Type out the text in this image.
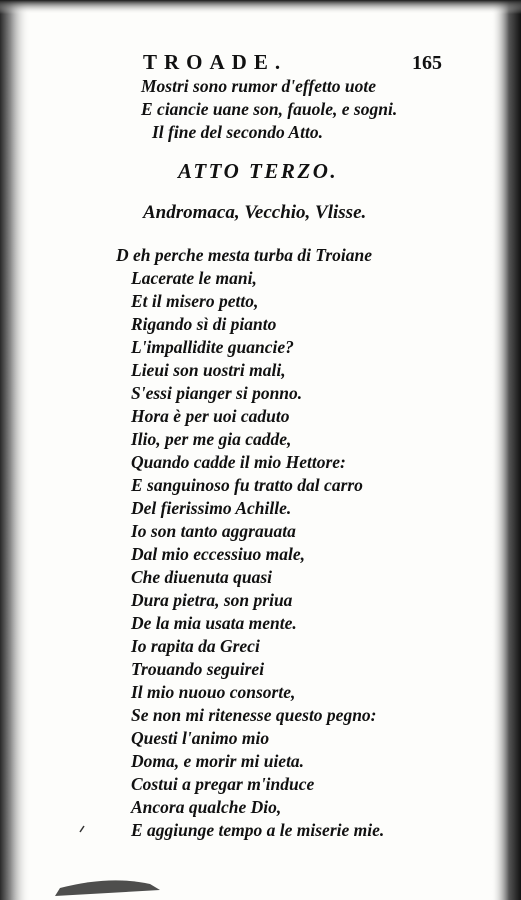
TROADE.	165
Mostri sono rumor d'effetto uote
E ciancie uane son, fauole, e sogni.
Il fine del secondo Atto.
ATTO TERZO.
Andromaca, Vecchio, Vlisse.
D eh perche mesta turba di Troiane
Lacerate le mani,
Et il misero petto,
Rigando sì di pianto
L'impallidite guancie?
Lieui son uostri mali,
S'essi pianger si ponno.
Hora è per uoi caduto
Ilio, per me gia cadde,
Quando cadde il mio Hettore:
E sanguinoso fu tratto dal carro
Del fierissimo Achille.
Io son tanto aggrauata
Dal mio eccessiuo male,
Che diuenuta quasi
Dura pietra, son priua
De la mia usata mente.
Io rapita da Greci
Trouando seguirei
Il mio nuouo consorte,
Se non mi ritenesse questo pegno:
Questi l'animo mio
Doma, e morir mi uieta.
Costui a pregar m'induce
Ancora qualche Dio,
E aggiunge tempo a le miserie mie.
